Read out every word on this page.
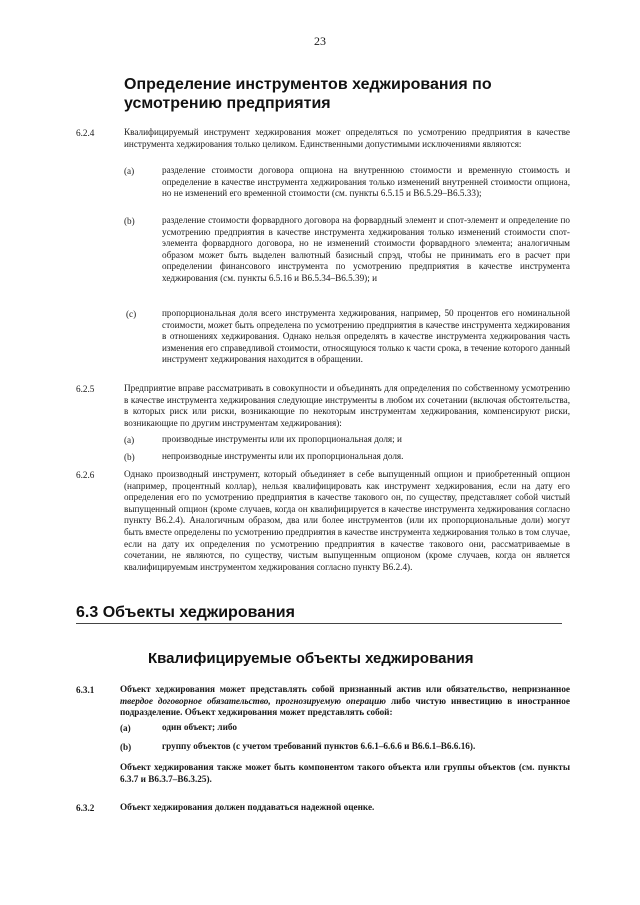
23
Определение инструментов хеджирования по усмотрению предприятия
6.2.4	Квалифицируемый инструмент хеджирования может определяться по усмотрению предприятия в качестве инструмента хеджирования только целиком. Единственными допустимыми исключениями являются:
(a)	разделение стоимости договора опциона на внутреннюю стоимости и временную стоимость и определение в качестве инструмента хеджирования только изменений внутренней стоимости опциона, но не изменений его временной стоимости (см. пункты 6.5.15 и B6.5.29–B6.5.33);
(b)	разделение стоимости форвардного договора на форвардный элемент и спот-элемент и определение по усмотрению предприятия в качестве инструмента хеджирования только изменений стоимости спот-элемента форвардного договора, но не изменений стоимости форвардного элемента; аналогичным образом может быть выделен валютный базисный спрэд, чтобы не принимать его в расчет при определении финансового инструмента по усмотрению предприятия в качестве инструмента хеджирования (см. пункты 6.5.16 и B6.5.34–B6.5.39); и
(c)	пропорциональная доля всего инструмента хеджирования, например, 50 процентов его номинальной стоимости, может быть определена по усмотрению предприятия в качестве инструмента хеджирования в отношениях хеджирования. Однако нельзя определять в качестве инструмента хеджирования часть изменения его справедливой стоимости, относящуюся только к части срока, в течение которого данный инструмент хеджирования находится в обращении.
6.2.5	Предприятие вправе рассматривать в совокупности и объединять для определения по собственному усмотрению в качестве инструмента хеджирования следующие инструменты в любом их сочетании (включая обстоятельства, в которых риск или риски, возникающие по некоторым инструментам хеджирования, компенсируют риски, возникающие по другим инструментам хеджирования):
(a)	производные инструменты или их пропорциональная доля; и
(b)	непроизводные инструменты или их пропорциональная доля.
6.2.6	Однако производный инструмент, который объединяет в себе выпущенный опцион и приобретенный опцион (например, процентный коллар), нельзя квалифицировать как инструмент хеджирования, если на дату его определения его по усмотрению предприятия в качестве такового он, по существу, представляет собой чистый выпущенный опцион (кроме случаев, когда он квалифицируется в качестве инструмента хеджирования согласно пункту B6.2.4). Аналогичным образом, два или более инструментов (или их пропорциональные доли) могут быть вместе определены по усмотрению предприятия в качестве инструмента хеджирования только в том случае, если на дату их определения по усмотрению предприятия в качестве такового они, рассматриваемые в сочетании, не являются, по существу, чистым выпущенным опционом (кроме случаев, когда он является квалифицируемым инструментом хеджирования согласно пункту B6.2.4).
6.3 Объекты хеджирования
Квалифицируемые объекты хеджирования
6.3.1	Объект хеджирования может представлять собой признанный актив или обязательство, непризнанное твердое договорное обязательство, прогнозируемую операцию либо чистую инвестицию в иностранное подразделение. Объект хеджирования может представлять собой:
(a)	один объект; либо
(b)	группу объектов (с учетом требований пунктов 6.6.1–6.6.6 и B6.6.1–B6.6.16).
Объект хеджирования также может быть компонентом такого объекта или группы объектов (см. пункты 6.3.7 и B6.3.7–B6.3.25).
6.3.2	Объект хеджирования должен поддаваться надежной оценке.
